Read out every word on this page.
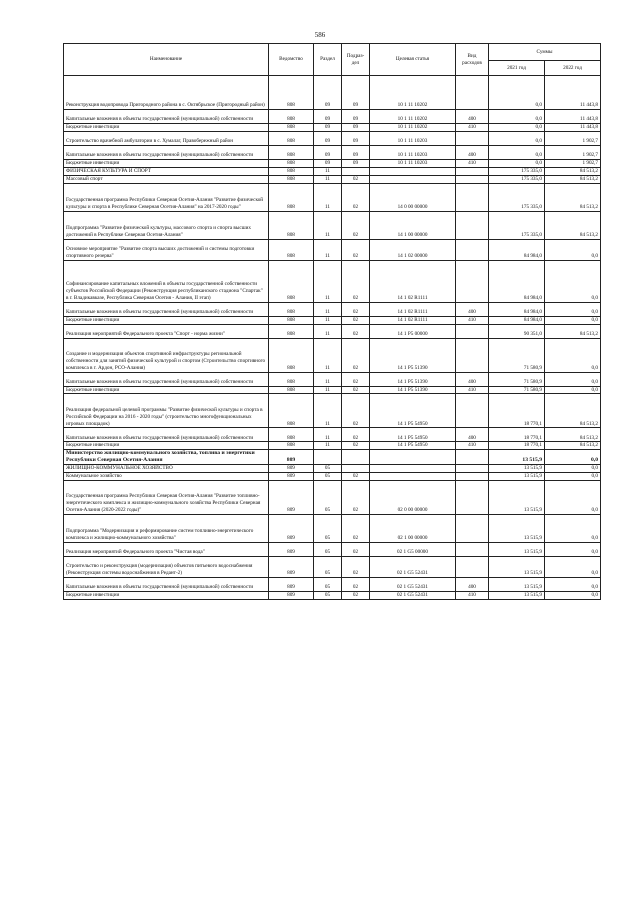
586
Наименование	Ведомство	Раздел	Подраз-дел	Целевая статья	Вид расходов	Суммы	
						2021 год	2022 год
Реконструкция водопровода Пригородного района в с. Октябрьское (Пригородный район)	808	09	09	10 1 11 10202		0,0	11 443,8
Капитальные вложения в объекты государственной (муниципальной) собственности	808	09	09	10 1 11 10202	400	0,0	11 443,8
Бюджетные инвестиции	808	09	09	10 1 11 10202	410	0,0	11 443,8
Строительство врачебной амбулатории в с. Хумалаг, Правобережный район	808	09	09	10 1 11 10203		0,0	1 902,7
Капитальные вложения в объекты государственной (муниципальной) собственности	808	09	09	10 1 11 10203	400	0,0	1 902,7
Бюджетные инвестиции	808	09	09	10 1 11 10203	410	0,0	1 902,7
ФИЗИЧЕСКАЯ КУЛЬТУРА И СПОРТ	808	11				175 335,0	84 513,2
Массовый спорт	808	11	02			175 335,0	84 513,2
Государственная программа Республики Северная Осетия-Алания "Развитие физической культуры и спорта в Республике Северная Осетия-Алания" на 2017-2020 годы"	808	11	02	14 0 00 00000		175 335,0	84 513,2
Подпрограмма "Развитие физической культуры, массового спорта и спорта высших достижений в Республике Северная Осетия-Алания"	808	11	02	14 1 00 00000		175 335,0	84 513,2
Основное мероприятие "Развитие спорта высших достижений и системы подготовки спортивного резерва"	808	11	02	14 1 02 00000		84 984,0	0,0
Софинансирование капитальных вложений в объекты государственной собственности субъектов Российской Федерации (Реконструкция республиканского стадиона "Спартак" в г. Владикавказе, Республика Северная Осетия - Алания, II этап)	808	11	02	14 1 02 R1111		84 984,0	0,0
Капитальные вложения в объекты государственной (муниципальной) собственности	808	11	02	14 1 02 R1111	400	84 984,0	0,0
Бюджетные инвестиции	808	11	02	14 1 02 R1111	410	84 984,0	0,0
Реализация мероприятий Федерального проекта "Спорт - норма жизни"	808	11	02	14 1 P5 00000		90 351,0	84 513,2
Создание и модернизация объектов спортивной инфраструктуры региональной собственности для занятий физической культурой и спортом (Строительство спортивного комплекса в г. Ардон, РСО-Алания)	808	11	02	14 1 P5 51390		71 580,9	0,0
Капитальные вложения в объекты государственной (муниципальной) собственности	808	11	02	14 1 P5 51390	400	71 580,9	0,0
Бюджетные инвестиции	808	11	02	14 1 P5 51390	410	71 580,9	0,0
Реализация федеральной целевой программы "Развитие физической культуры и спорта в Российской Федерации на 2016 - 2020 годы" (строительство многофункциональных игровых площадок)	808	11	02	14 1 P5 54950		18 770,1	84 513,2
Капитальные вложения в объекты государственной (муниципальной) собственности	808	11	02	14 1 P5 54950	400	18 770,1	84 513,2
Бюджетные инвестиции	808	11	02	14 1 P5 54950	410	18 770,1	84 513,2
Министерство жилищно-коммунального хозяйства, топлива и энергетики Республики Северная Осетия-Алания	809					13 515,9	0,0
ЖИЛИЩНО-КОММУНАЛЬНОЕ ХОЗЯЙСТВО	809	05				13 515,9	0,0
Коммунальное хозяйство	809	05	02			13 515,9	0,0
Государственная программа Республики Северная Осетия-Алания "Развитие топливно-энергетического комплекса и жилищно-коммунального хозяйства Республики Северная Осетия-Алания (2020-2022 годы)"	809	05	02	02 0 00 00000		13 515,9	0,0
Подпрограмма "Модернизация и реформирование систем топливно-энергетического комплекса и жилищно-коммунального хозяйства"	809	05	02	02 1 00 00000		13 515,9	0,0
Реализация мероприятий Федерального проекта "Чистая вода"	809	05	02	02 1 G5 00000		13 515,9	0,0
Строительство и реконструкция (модернизация) объектов питьевого водоснабжения (Реконструкция системы водоснабжения в Редант-2)	809	05	02	02 1 G5 52431		13 515,9	0,0
Капитальные вложения в объекты государственной (муниципальной) собственности	809	05	02	02 1 G5 52431	400	13 515,9	0,0
Бюджетные инвестиции	809	05	02	02 1 G5 52431	410	13 515,9	0,0
